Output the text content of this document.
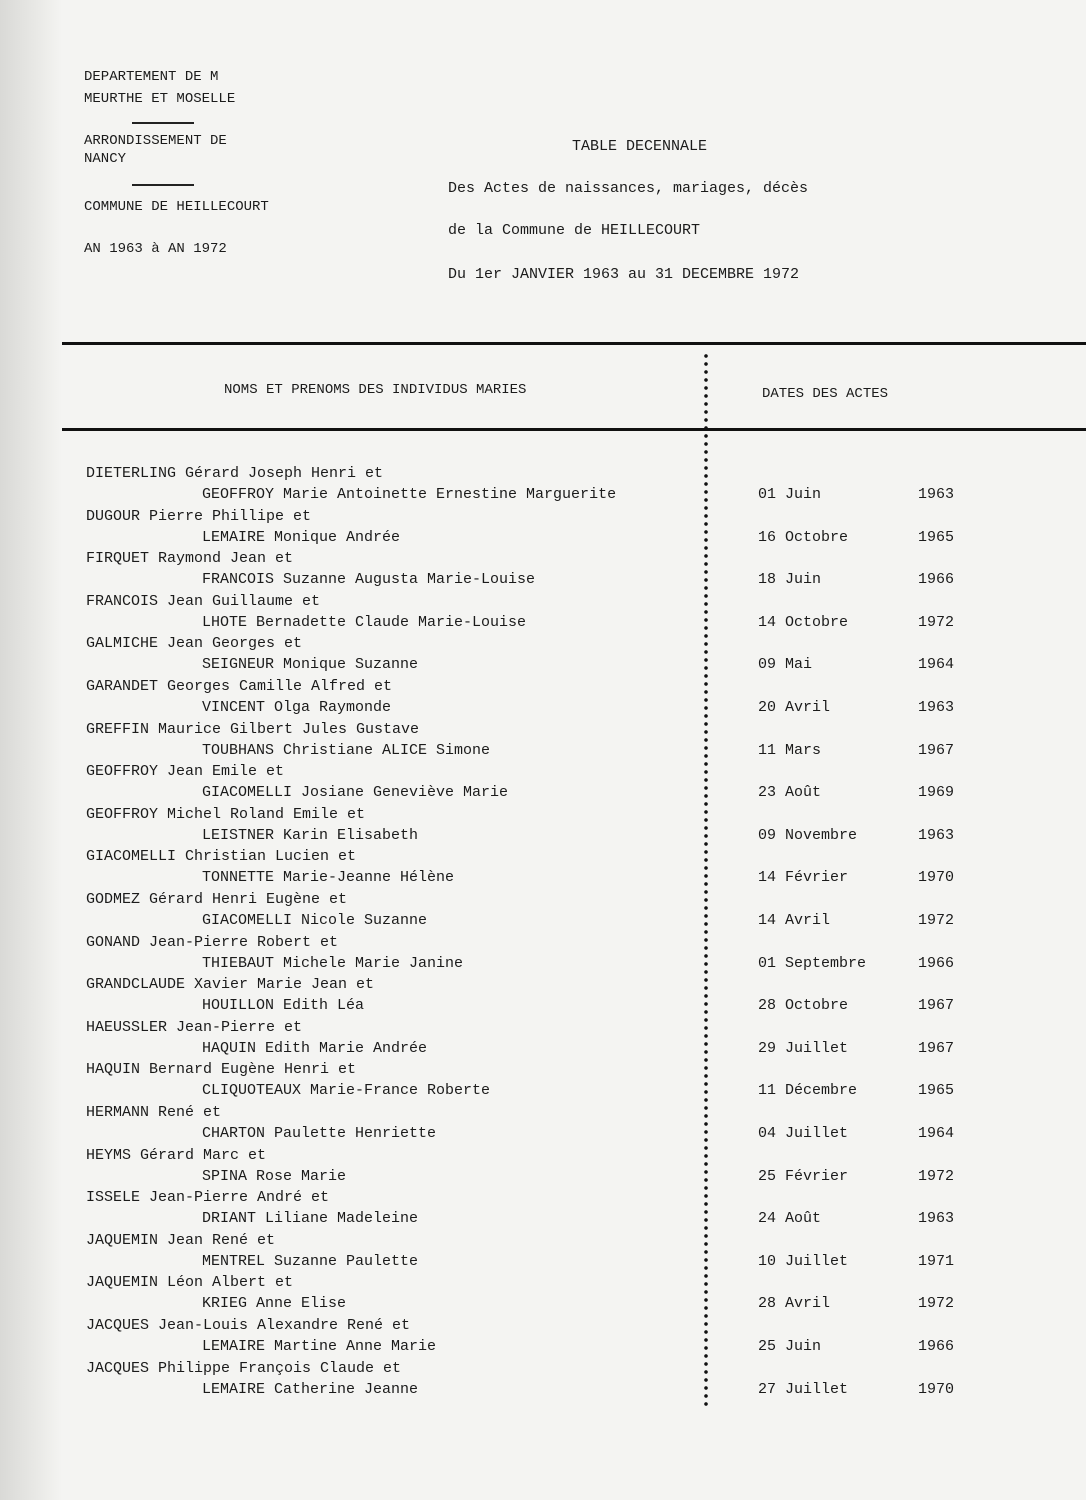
DEPARTEMENT DE M
MEURTHE ET MOSELLE
ARRONDISSEMENT DE
NANCY
COMMUNE DE HEILLECOURT
AN 1963 à AN 1972
TABLE DECENNALE
Des Actes de naissances, mariages, décès
de la Commune de HEILLECOURT
Du 1er JANVIER 1963 au 31 DECEMBRE 1972
NOMS ET PRENOMS DES INDIVIDUS MARIES	DATES DES ACTES
DIETERLING Gérard Joseph Henri et
GEOFFROY Marie Antoinette Ernestine Marguerite	01 Juin	1963
DUGOUR Pierre Phillipe et
LEMAIRE Monique Andrée	16 Octobre	1965
FIRQUET Raymond Jean et
FRANCOIS Suzanne Augusta Marie-Louise	18 Juin	1966
FRANCOIS Jean Guillaume et
LHOTE Bernadette Claude Marie-Louise	14 Octobre	1972
GALMICHE Jean Georges et
SEIGNEUR Monique Suzanne	09 Mai	1964
GARANDET Georges Camille Alfred et
VINCENT Olga Raymonde	20 Avril	1963
GREFFIN Maurice Gilbert Jules Gustave
TOUBHANS Christiane ALICE Simone	11 Mars	1967
GEOFFROY Jean Emile et
GIACOMELLI Josiane Geneviève Marie	23 Août	1969
GEOFFROY Michel Roland Emile et
LEISTNER Karin Elisabeth	09 Novembre	1963
GIACOMELLI Christian Lucien et
TONNETTE Marie-Jeanne Hélène	14 Février	1970
GODMEZ Gérard Henri Eugène et
GIACOMELLI Nicole Suzanne	14 Avril	1972
GONAND Jean-Pierre Robert et
THIEBAUT Michele Marie Janine	01 Septembre	1966
GRANDCLAUDE Xavier Marie Jean et
HOUILLON Edith Léa	28 Octobre	1967
HAEUSSLER Jean-Pierre et
HAQUIN Edith Marie Andrée	29 Juillet	1967
HAQUIN Bernard Eugène Henri et
CLIQUOTEAUX Marie-France Roberte	11 Décembre	1965
HERMANN René et
CHARTON Paulette Henriette	04 Juillet	1964
HEYMS Gérard Marc et
SPINA Rose Marie	25 Février	1972
ISSELE Jean-Pierre André et
DRIANT Liliane Madeleine	24 Août	1963
JAQUEMIN Jean René et
MENTREL Suzanne Paulette	10 Juillet	1971
JAQUEMIN Léon Albert et
KRIEG Anne Elise	28 Avril	1972
JACQUES Jean-Louis Alexandre René et
LEMAIRE Martine Anne Marie	25 Juin	1966
JACQUES Philippe François Claude et
LEMAIRE Catherine Jeanne	27 Juillet	1970
